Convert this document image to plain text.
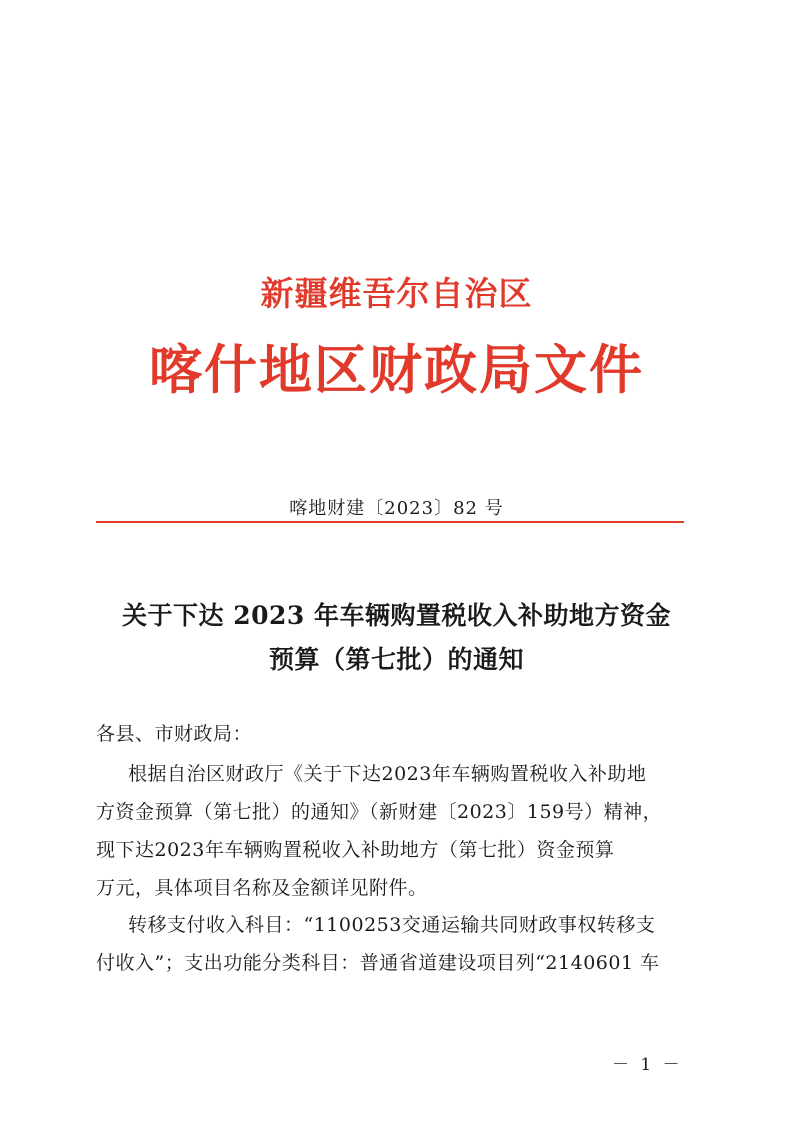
新疆维吾尔自治区
喀什地区财政局文件
喀地财建〔2023〕82 号
关于下达 2023 年车辆购置税收入补助地方资金
预算（第七批）的通知
各县、市财政局：
根据自治区财政厅《关于下达2023年车辆购置税收入补助地
方资金预算（第七批）的通知》（新财建〔2023〕159号）精神，
现下达2023年车辆购置税收入补助地方（第七批）资金预算
万元，具体项目名称及金额详见附件。
转移支付收入科目：“1100253交通运输共同财政事权转移支
付收入”；支出功能分类科目：普通省道建设项目列“2140601 车
－ 1 －
